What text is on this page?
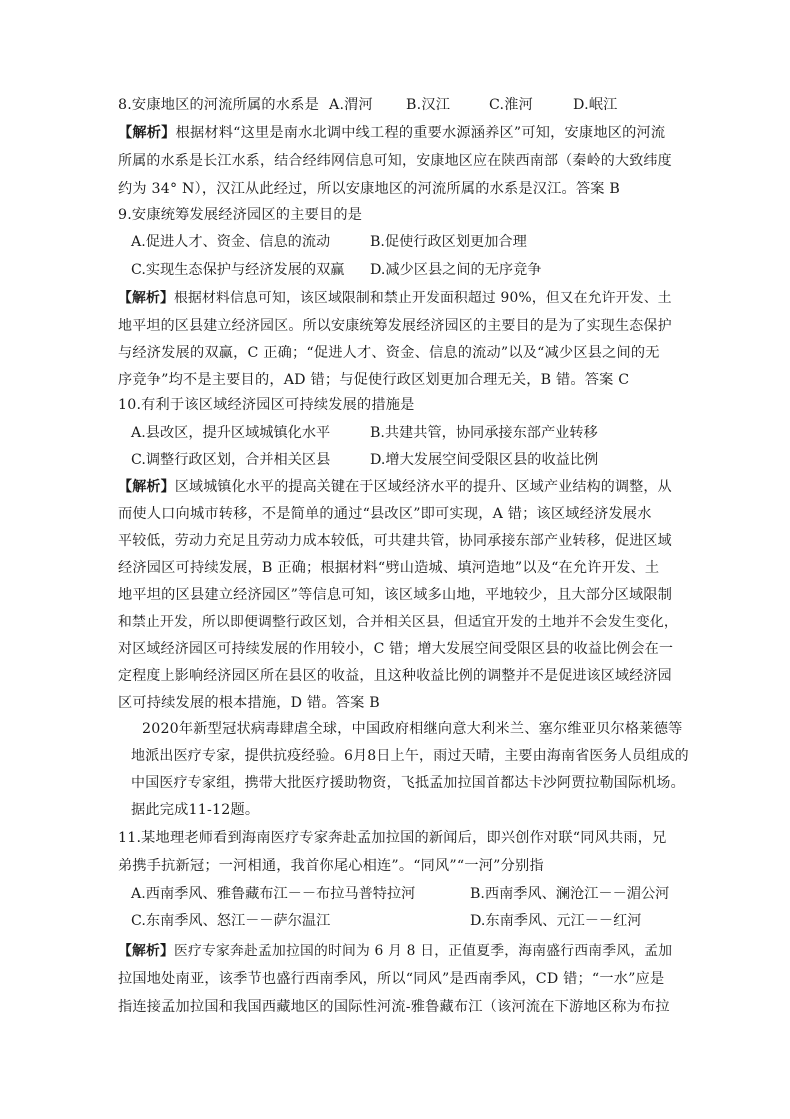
8.安康地区的河流所属的水系是 A.渭河 B.汉江	C.淮河	D.岷江
【解析】根据材料“这里是南水北调中线工程的重要水源涵养区”可知，安康地区的河流
所属的水系是长江水系，结合经纬网信息可知，安康地区应在陕西南部（秦岭的大致纬度
约为 34° N），汉江从此经过，所以安康地区的河流所属的水系是汉江。答案 B
9.安康统筹发展经济园区的主要目的是
A.促进人才、资金、信息的流动	B.促使行政区划更加合理
C.实现生态保护与经济发展的双赢 D.减少区县之间的无序竞争
【解析】根据材料信息可知，该区域限制和禁止开发面积超过 90%，但又在允许开发、土
地平坦的区县建立经济园区。所以安康统筹发展经济园区的主要目的是为了实现生态保护
与经济发展的双赢，C 正确；“促进人才、资金、信息的流动”以及“减少区县之间的无
序竞争”均不是主要目的，AD 错；与促使行政区划更加合理无关，B 错。答案 C
10.有利于该区域经济园区可持续发展的措施是
A.县改区，提升区域城镇化水平	B.共建共管，协同承接东部产业转移
C.调整行政区划，合并相关区县	D.增大发展空间受限区县的收益比例
【解析】区域城镇化水平的提高关键在于区域经济水平的提升、区域产业结构的调整，从
而使人口向城市转移，不是简单的通过“县改区”即可实现，A 错；该区域经济发展水
平较低，劳动力充足且劳动力成本较低，可共建共管，协同承接东部产业转移，促进区域
经济园区可持续发展，B 正确；根据材料“劈山造城、填河造地”以及“在允许开发、土
地平坦的区县建立经济园区”等信息可知，该区域多山地，平地较少，且大部分区域限制
和禁止开发，所以即便调整行政区划，合并相关区县，但适宜开发的土地并不会发生变化，
对区域经济园区可持续发展的作用较小，C 错；增大发展空间受限区县的收益比例会在一
定程度上影响经济园区所在县区的收益，且这种收益比例的调整并不是促进该区域经济园
区可持续发展的根本措施，D 错。答案 B
2020年新型冠状病毒肆虐全球，中国政府相继向意大利米兰、塞尔维亚贝尔格莱德等
地派出医疗专家，提供抗疫经验。6月8日上午，雨过天晴，主要由海南省医务人员组成的
中国医疗专家组，携带大批医疗援助物资，飞抵孟加拉国首都达卡沙阿贾拉勒国际机场。
据此完成11-12题。
11.某地理老师看到海南医疗专家奔赴孟加拉国的新闻后，即兴创作对联“同风共雨，兄
弟携手抗新冠；一河相通，我首你尾心相连”。“同风”“一河”分别指
A.西南季风、雅鲁藏布江－－布拉马普特拉河	B.西南季风、澜沧江－－湄公河
C.东南季风、怒江－－萨尔温江	D.东南季风、元江－－红河
【解析】医疗专家奔赴孟加拉国的时间为 6 月 8 日，正值夏季，海南盛行西南季风，孟加
拉国地处南亚，该季节也盛行西南季风，所以“同风”是西南季风，CD 错；“一水”应是
指连接孟加拉国和我国西藏地区的国际性河流-雅鲁藏布江（该河流在下游地区称为布拉
